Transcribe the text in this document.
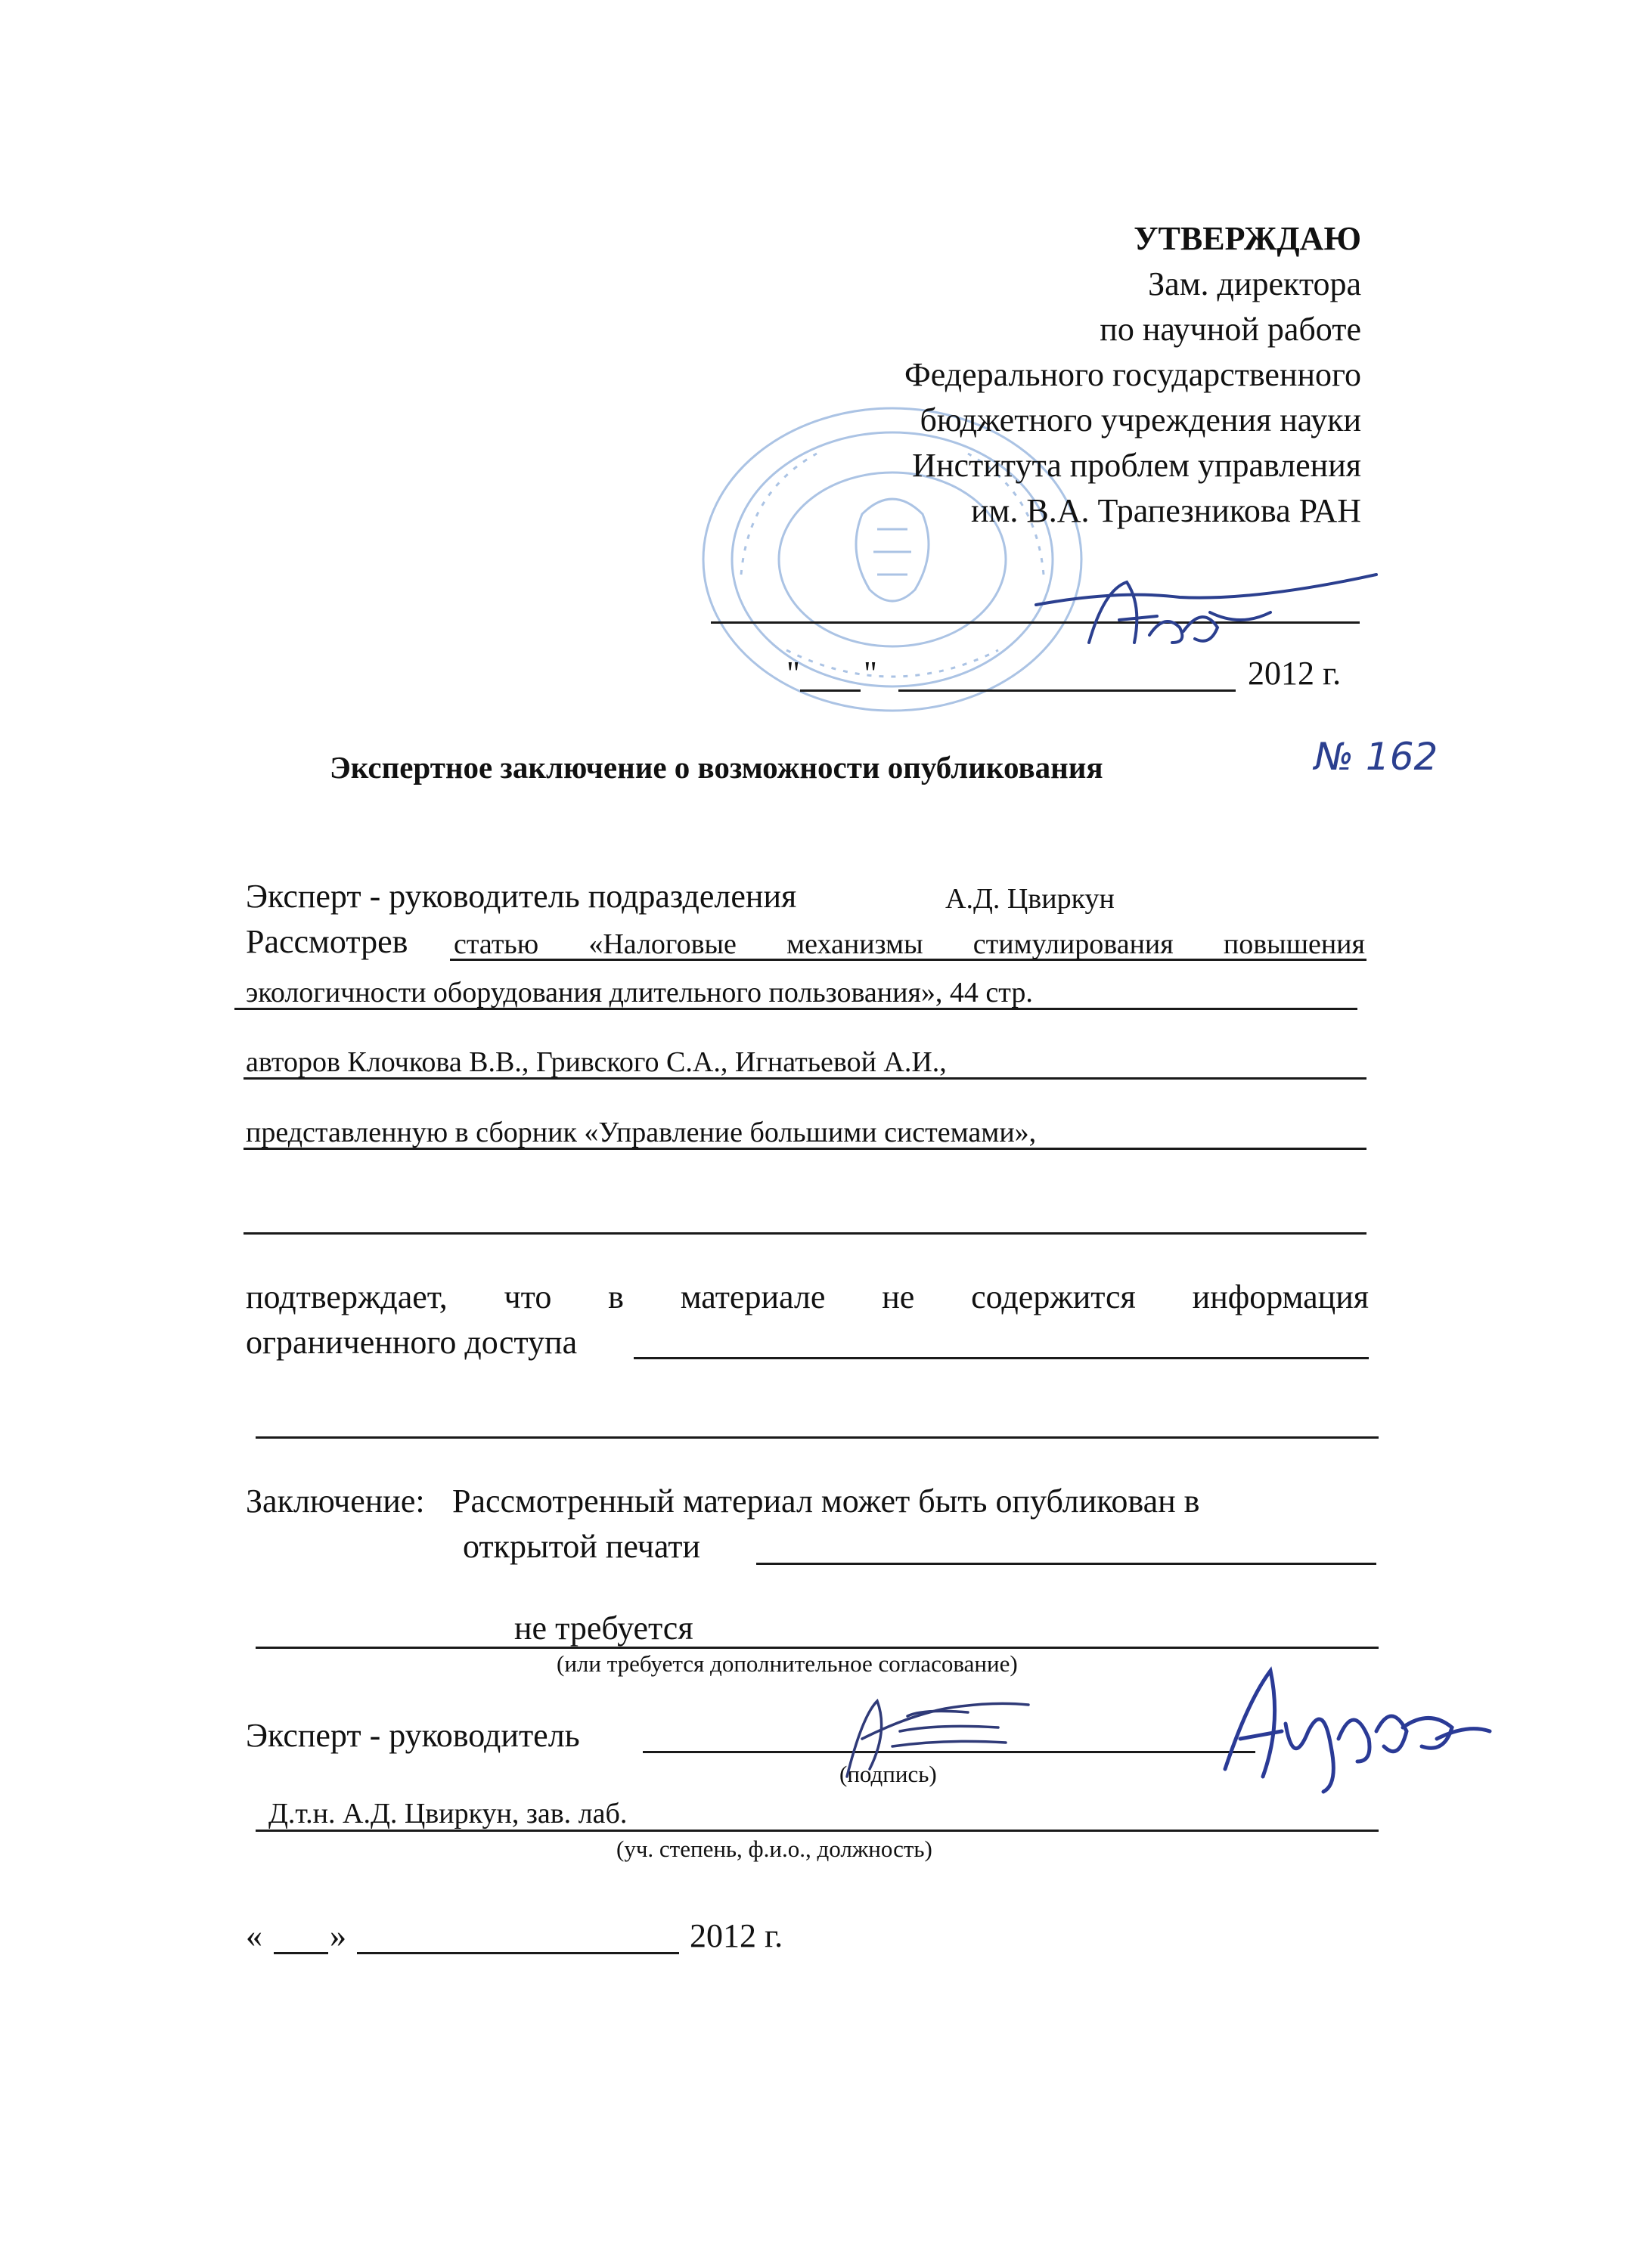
УТВЕРЖДАЮ
Зам. директора
по научной работе
Федерального государственного
бюджетного учреждения науки
Института проблем управления
им. В.А. Трапезникова РАН
" "	2012 г.
Экспертное заключение о возможности опубликования	№ 162
Эксперт - руководитель подразделения	А.Д. Цвиркун
Рассмотрев статью «Налоговые механизмы стимулирования повышения
экологичности оборудования длительного пользования», 44 стр.
авторов Клочкова В.В., Гривского С.А., Игнатьевой А.И.,
представленную в сборник «Управление большими системами»,
подтверждает, что в материале не содержится информация
ограниченного доступа
Заключение: Рассмотренный материал может быть опубликован в
открытой печати
не требуется
(или требуется дополнительное согласование)
Эксперт - руководитель
(подпись)
Д.т.н. А.Д. Цвиркун, зав. лаб.
(уч. степень, ф.и.о., должность)
« »	2012 г.
